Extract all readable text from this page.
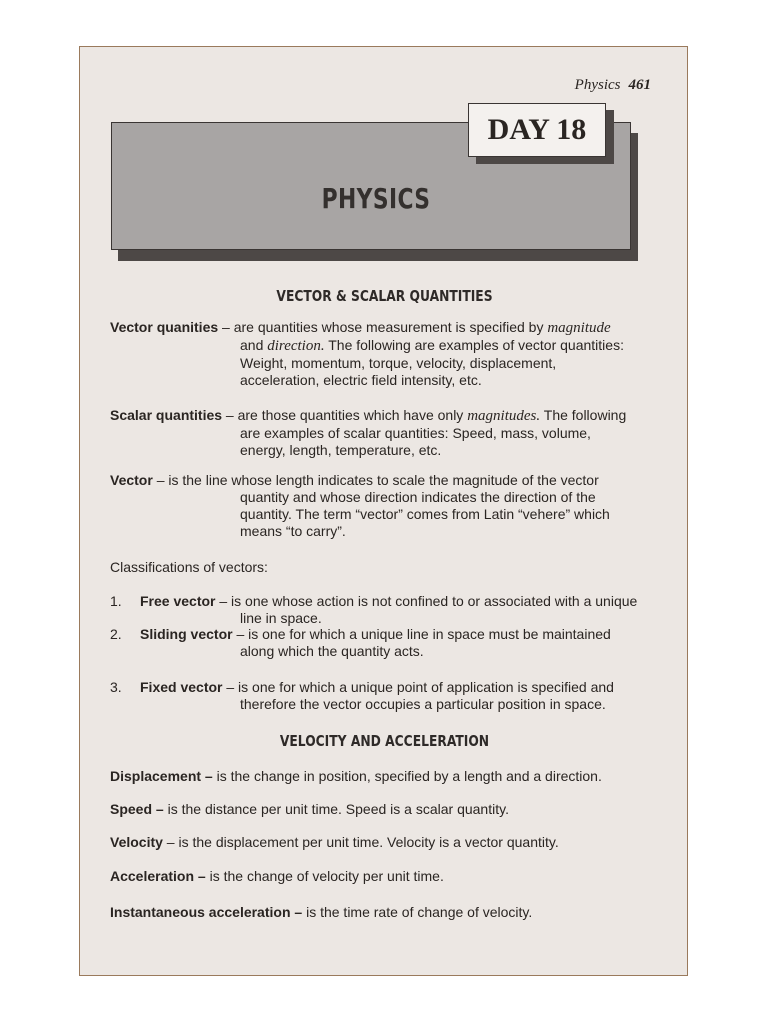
Physics 461
PHYSICS
DAY 18
VECTOR & SCALAR QUANTITIES
Vector quanities – are quantities whose measurement is specified by magnitude
and direction. The following are examples of vector quantities:
Weight, momentum, torque, velocity, displacement,
acceleration, electric field intensity, etc.
Scalar quantities – are those quantities which have only magnitudes. The following
are examples of scalar quantities: Speed, mass, volume,
energy, length, temperature, etc.
Vector – is the line whose length indicates to scale the magnitude of the vector
quantity and whose direction indicates the direction of the
quantity. The term “vector” comes from Latin “vehere” which
means “to carry”.
Classifications of vectors:
1. Free vector – is one whose action is not confined to or associated with a unique
line in space.
2. Sliding vector – is one for which a unique line in space must be maintained
along which the quantity acts.
3. Fixed vector – is one for which a unique point of application is specified and
therefore the vector occupies a particular position in space.
VELOCITY AND ACCELERATION
Displacement – is the change in position, specified by a length and a direction.
Speed – is the distance per unit time. Speed is a scalar quantity.
Velocity – is the displacement per unit time. Velocity is a vector quantity.
Acceleration – is the change of velocity per unit time.
Instantaneous acceleration – is the time rate of change of velocity.
